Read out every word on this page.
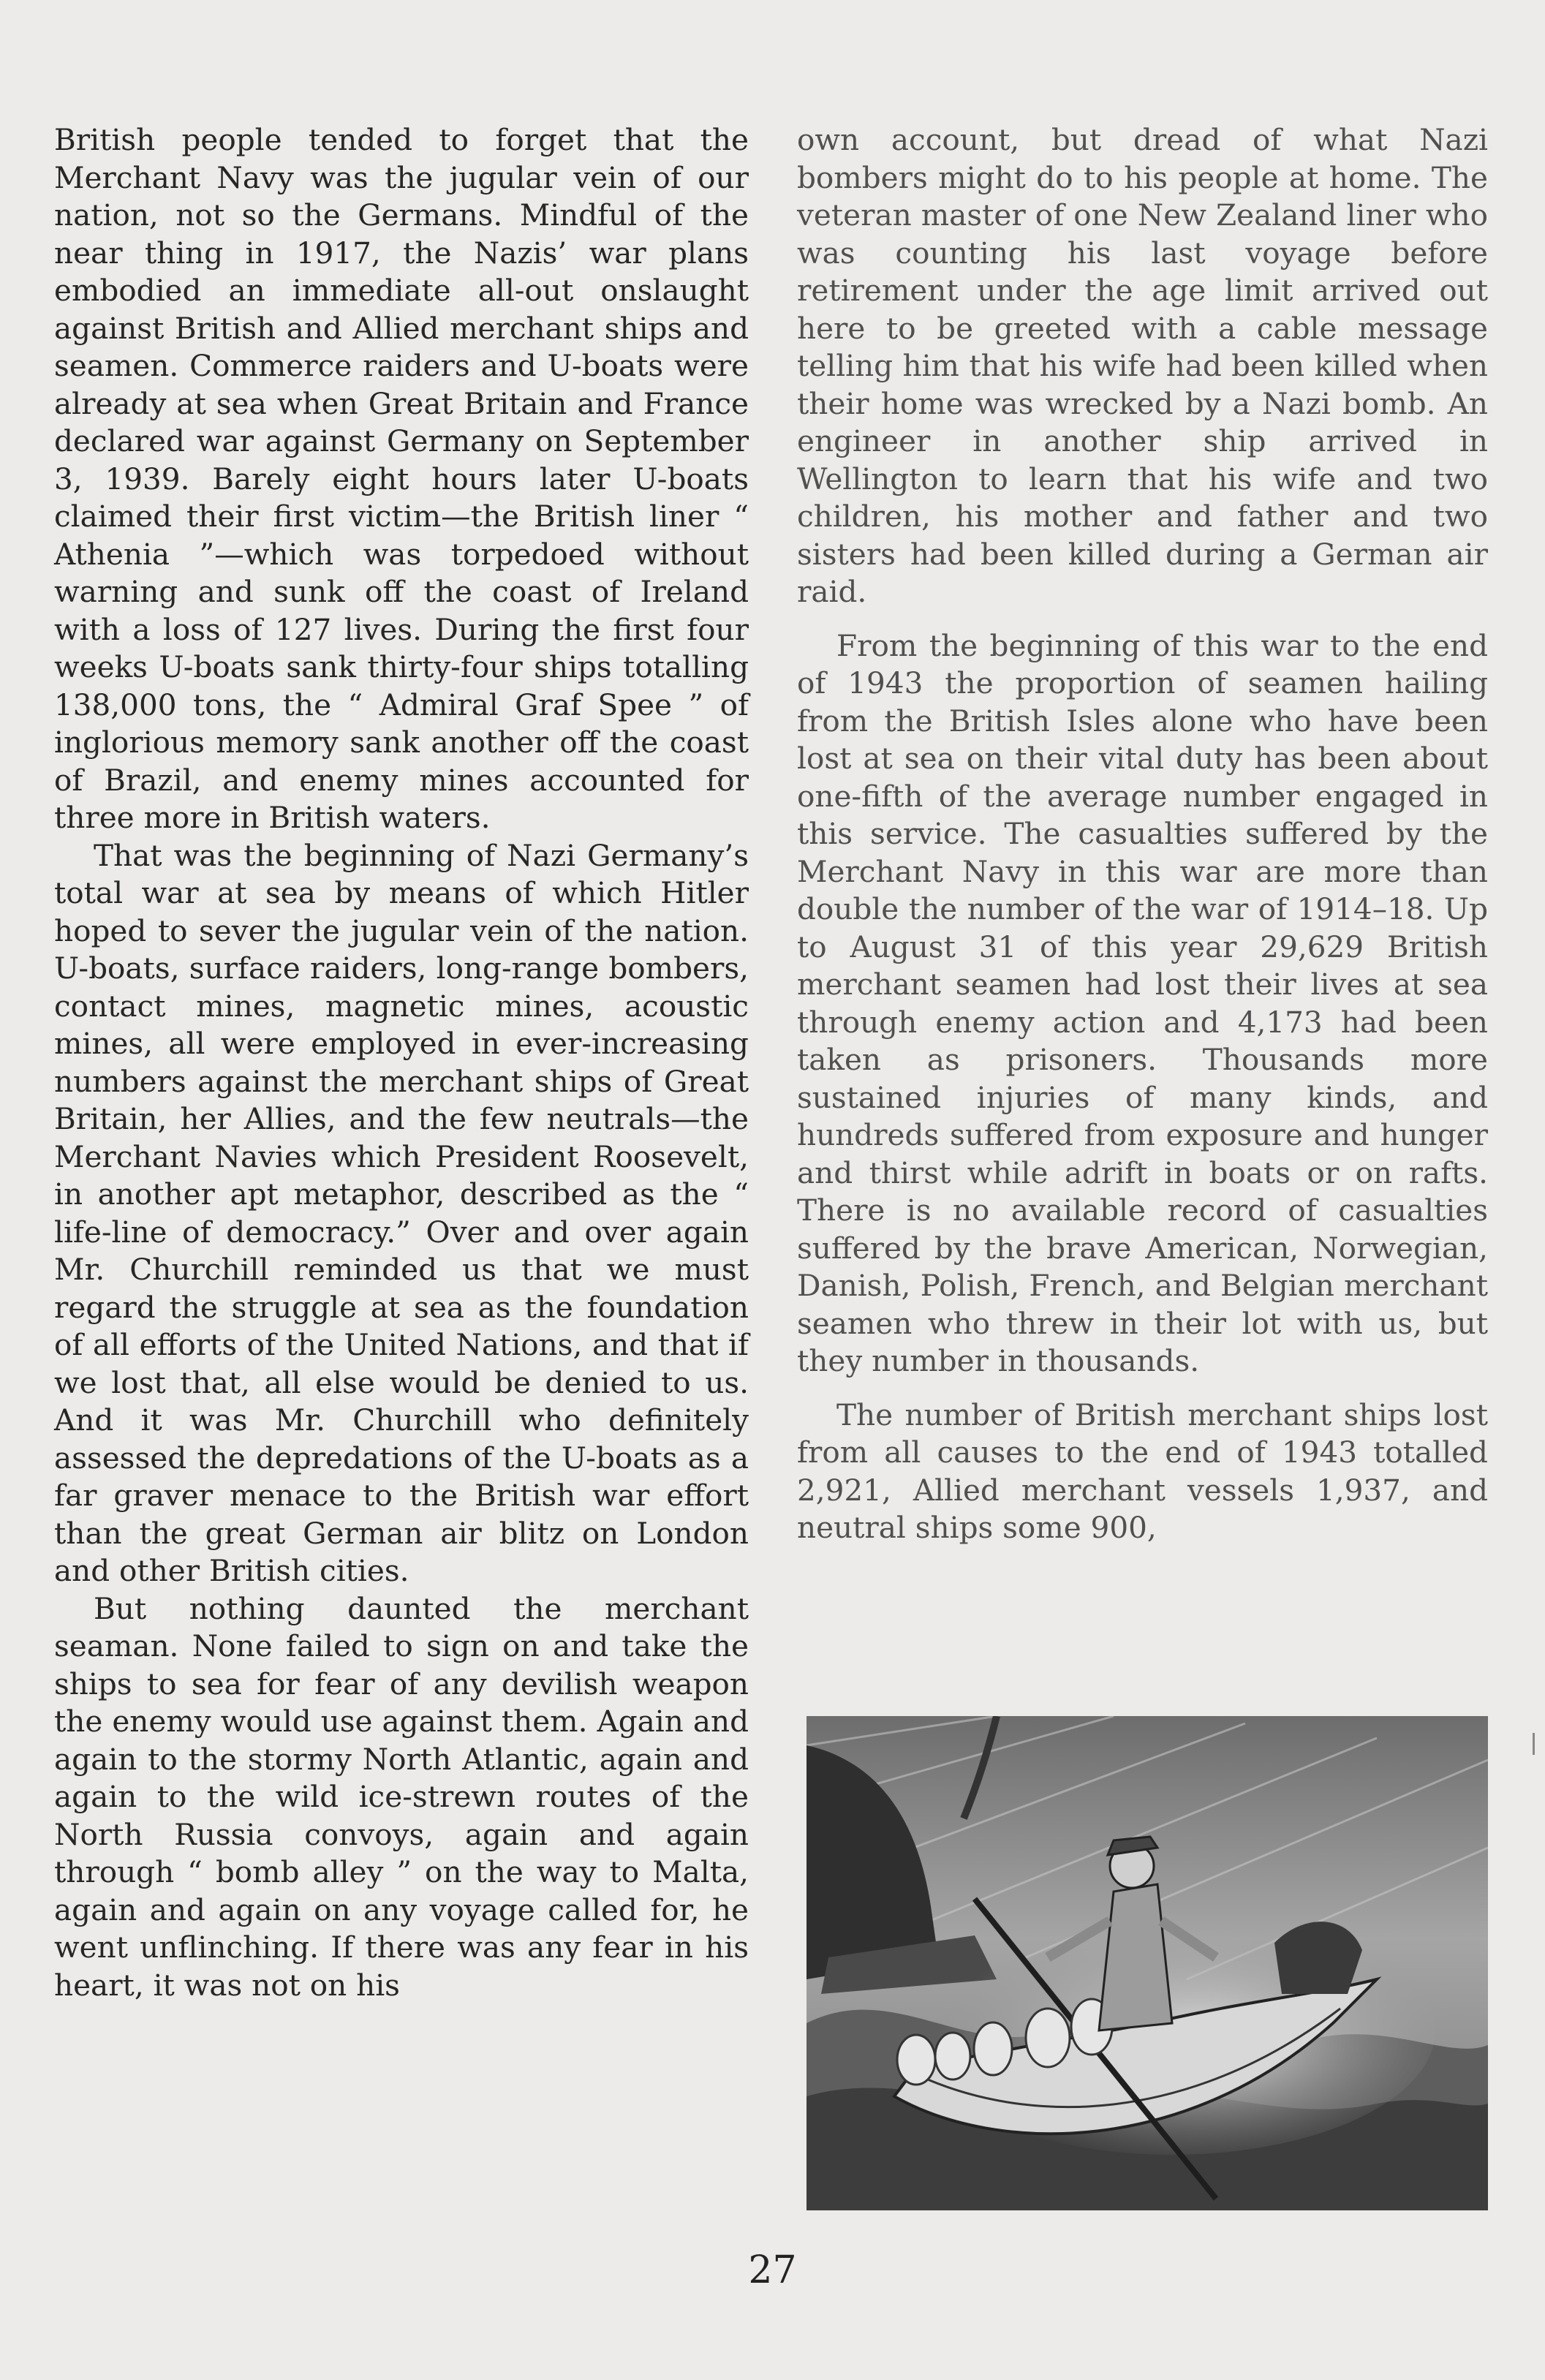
British people tended to forget that the Merchant Navy was the jugular vein of our nation, not so the Germans. Mindful of the near thing in 1917, the Nazis’ war plans embodied an immediate all-out onslaught against British and Allied merchant ships and seamen. Commerce raiders and U-boats were already at sea when Great Britain and France declared war against Germany on September 3, 1939. Barely eight hours later U-boats claimed their first victim—the British liner “ Athenia ”—which was torpedoed without warning and sunk off the coast of Ireland with a loss of 127 lives. During the first four weeks U-boats sank thirty-four ships totalling 138,000 tons, the “ Admiral Graf Spee ” of inglorious memory sank another off the coast of Brazil, and enemy mines accounted for three more in British waters.

That was the beginning of Nazi Germany’s total war at sea by means of which Hitler hoped to sever the jugular vein of the nation. U-boats, surface raiders, long-range bombers, contact mines, magnetic mines, acoustic mines, all were employed in ever-increasing numbers against the merchant ships of Great Britain, her Allies, and the few neutrals—the Merchant Navies which President Roosevelt, in another apt metaphor, described as the “ life-line of democracy.” Over and over again Mr. Churchill reminded us that we must regard the struggle at sea as the foundation of all efforts of the United Nations, and that if we lost that, all else would be denied to us. And it was Mr. Churchill who definitely assessed the depredations of the U-boats as a far graver menace to the British war effort than the great German air blitz on London and other British cities.

But nothing daunted the merchant seaman. None failed to sign on and take the ships to sea for fear of any devilish weapon the enemy would use against them. Again and again to the stormy North Atlantic, again and again to the wild ice-strewn routes of the North Russia convoys, again and again through “ bomb alley ” on the way to Malta, again and again on any voyage called for, he went unflinching. If there was any fear in his heart, it was not on his

own account, but dread of what Nazi bombers might do to his people at home. The veteran master of one New Zealand liner who was counting his last voyage before retirement under the age limit arrived out here to be greeted with a cable message telling him that his wife had been killed when their home was wrecked by a Nazi bomb. An engineer in another ship arrived in Wellington to learn that his wife and two children, his mother and father and two sisters had been killed during a German air raid.

From the beginning of this war to the end of 1943 the proportion of seamen hailing from the British Isles alone who have been lost at sea on their vital duty has been about one-fifth of the average number engaged in this service. The casualties suffered by the Merchant Navy in this war are more than double the number of the war of 1914–18. Up to August 31 of this year 29,629 British merchant seamen had lost their lives at sea through enemy action and 4,173 had been taken as prisoners. Thousands more sustained injuries of many kinds, and hundreds suffered from exposure and hunger and thirst while adrift in boats or on rafts. There is no available record of casualties suffered by the brave American, Norwegian, Danish, Polish, French, and Belgian merchant seamen who threw in their lot with us, but they number in thousands.

The number of British merchant ships lost from all causes to the end of 1943 totalled 2,921, Allied merchant vessels 1,937, and neutral ships some 900,

27
